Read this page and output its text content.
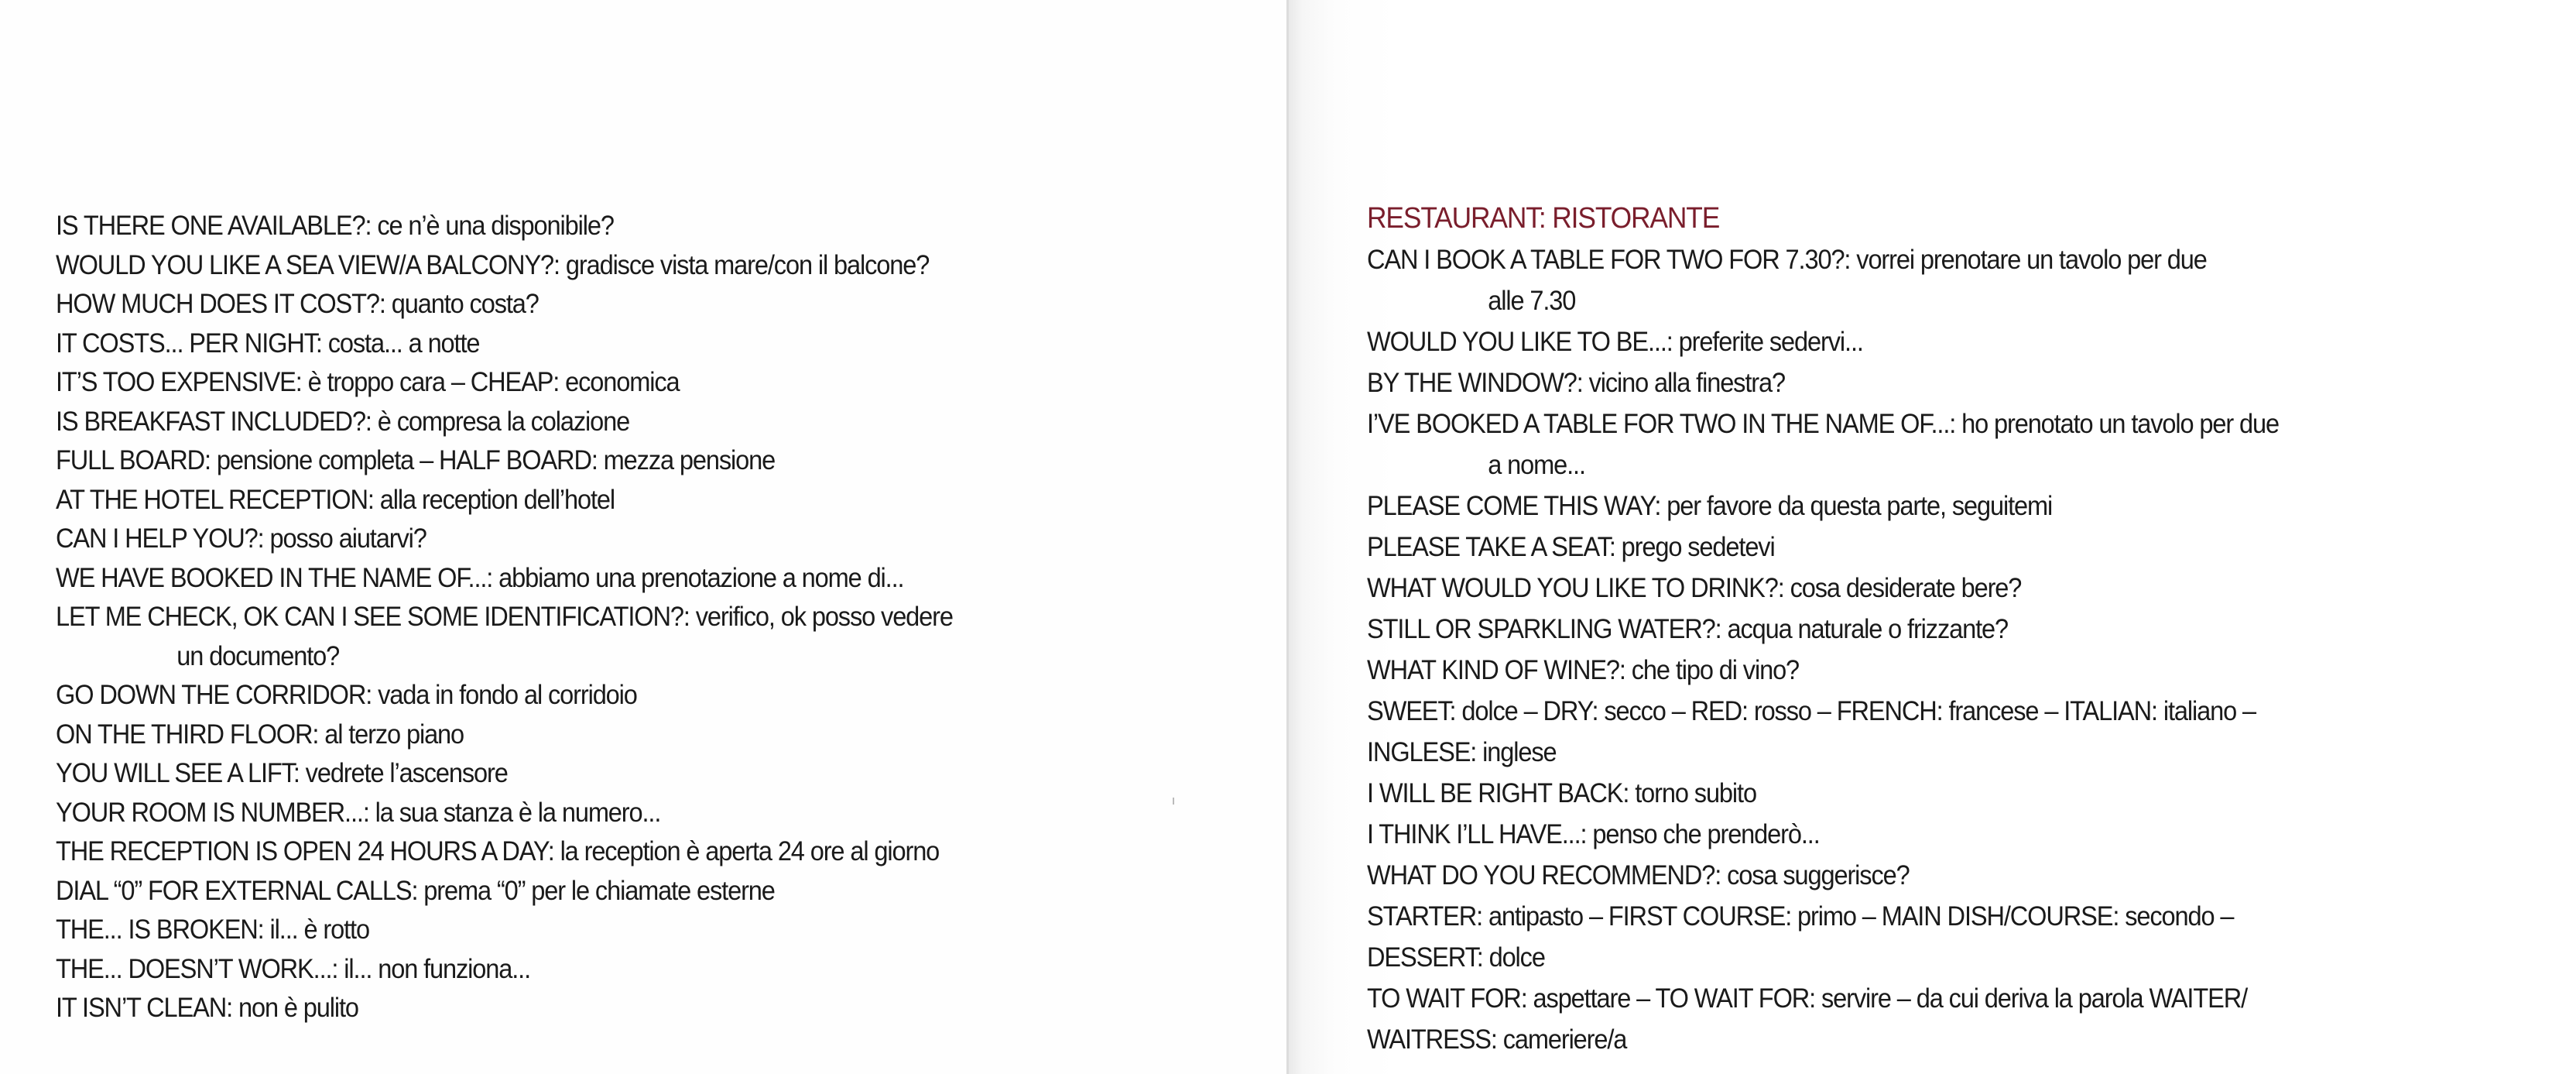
IS THERE ONE AVAILABLE?: ce n’è una disponibile?
WOULD YOU LIKE A SEA VIEW/A BALCONY?: gradisce vista mare/con il balcone?
HOW MUCH DOES IT COST?: quanto costa?
IT COSTS... PER NIGHT: costa... a notte
IT’S TOO EXPENSIVE: è troppo cara – CHEAP: economica
IS BREAKFAST INCLUDED?: è compresa la colazione
FULL BOARD: pensione completa – HALF BOARD: mezza pensione
AT THE HOTEL RECEPTION: alla reception dell’hotel
CAN I HELP YOU?: posso aiutarvi?
WE HAVE BOOKED IN THE NAME OF...: abbiamo una prenotazione a nome di...
LET ME CHECK, OK CAN I SEE SOME IDENTIFICATION?: verifico, ok posso vedere
un documento?
GO DOWN THE CORRIDOR: vada in fondo al corridoio
ON THE THIRD FLOOR: al terzo piano
YOU WILL SEE A LIFT: vedrete l’ascensore
YOUR ROOM IS NUMBER...: la sua stanza è la numero...
THE RECEPTION IS OPEN 24 HOURS A DAY: la reception è aperta 24 ore al giorno
DIAL “0” FOR EXTERNAL CALLS: prema “0” per le chiamate esterne
THE... IS BROKEN: il... è rotto
THE... DOESN’T WORK...: il... non funziona...
IT ISN’T CLEAN: non è pulito
RESTAURANT: RISTORANTE
CAN I BOOK A TABLE FOR TWO FOR 7.30?: vorrei prenotare un tavolo per due
alle 7.30
WOULD YOU LIKE TO BE...: preferite sedervi...
BY THE WINDOW?: vicino alla finestra?
I’VE BOOKED A TABLE FOR TWO IN THE NAME OF...: ho prenotato un tavolo per due
a nome...
PLEASE COME THIS WAY: per favore da questa parte, seguitemi
PLEASE TAKE A SEAT: prego sedetevi
WHAT WOULD YOU LIKE TO DRINK?: cosa desiderate bere?
STILL OR SPARKLING WATER?: acqua naturale o frizzante?
WHAT KIND OF WINE?: che tipo di vino?
SWEET: dolce – DRY: secco – RED: rosso – FRENCH: francese – ITALIAN: italiano –
INGLESE: inglese
I WILL BE RIGHT BACK: torno subito
I THINK I’LL HAVE...: penso che prenderò...
WHAT DO YOU RECOMMEND?: cosa suggerisce?
STARTER: antipasto – FIRST COURSE: primo – MAIN DISH/COURSE: secondo –
DESSERT: dolce
TO WAIT FOR: aspettare – TO WAIT FOR: servire – da cui deriva la parola WAITER/
WAITRESS: cameriere/a
